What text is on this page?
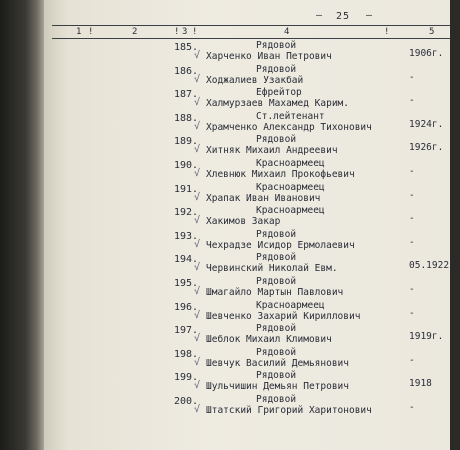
– 25 –
1 !	2	! 3 !	4	!	5
185.	Рядовой
√ Харченко Иван Петрович	1906г.
186.	Рядовой
√ Ходжалиев Узакбай	-
187.	Ефрейтор
√ Халмурзаев Махамед Карим.	-
188.	Ст.лейтенант
√ Храмченко Александр Тихонович	1924г.
189.	Рядовой
√ Хитняк Михаил Андреевич	1926г.
190.	Красноармеец
√ Хлевнюк Михаил Прокофьевич	-
191.	Красноармеец
√ Храпак Иван Иванович	-
192.	Красноармеец
√ Хакимов Закар	-
193.	Рядовой
√ Чехрадзе Исидор Ермолаевич	-
194.	Рядовой
√ Червинский Николай Евм.	05.1922г.
195.	Рядовой
√ Шмагайло Мартын Павлович	-
196.	Красноармеец
√ Шевченко Захарий Кириллович	-
197.	Рядовой
√ Шеблок Михаил Климович	1919г.
198.	Рядовой
√ Шевчук Василий Демьянович	-
199.	Рядовой
√ Шульчишин Демьян Петрович	1918
200.	Рядовой
√ Штатский Григорий Харитонович	-
